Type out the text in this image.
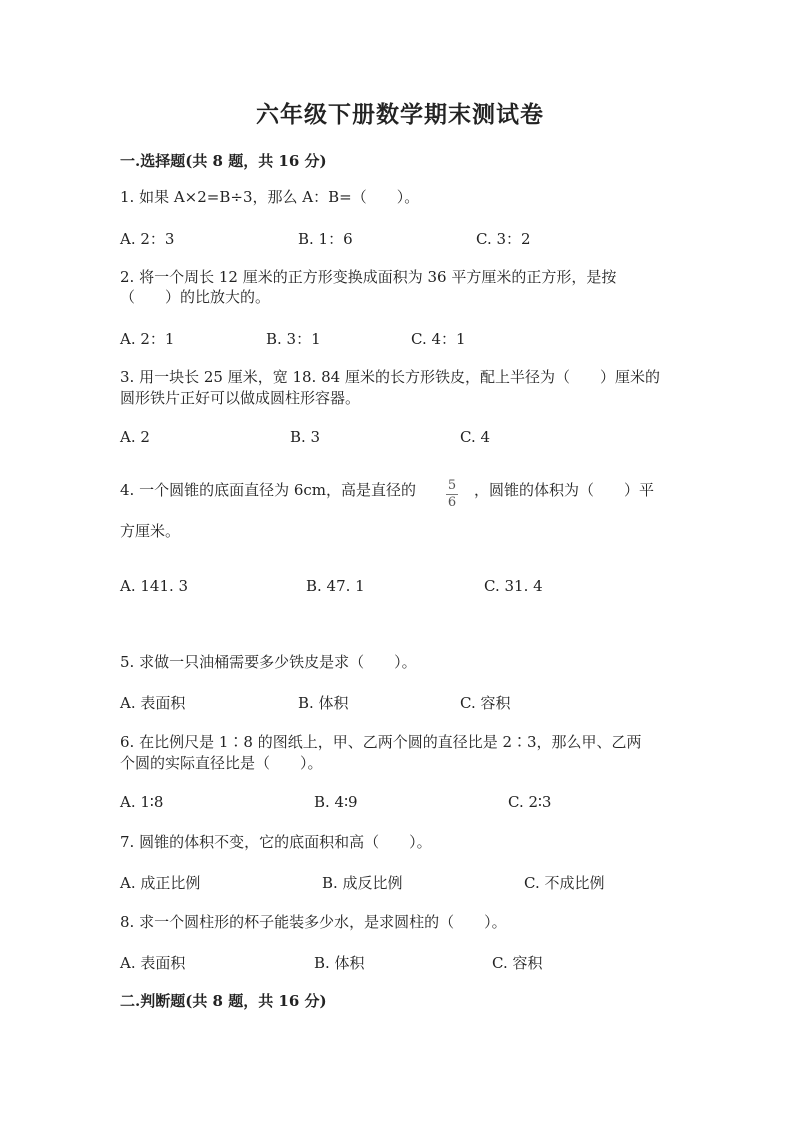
六年级下册数学期末测试卷
一.选择题(共 8 题，共 16 分)
1. 如果 A×2=B÷3，那么 A：B=（　　）。
A. 2：3	B. 1：6	C. 3：2
2. 将一个周长 12 厘米的正方形变换成面积为 36 平方厘米的正方形，是按
（　　）的比放大的。
A. 2：1	B. 3：1	C. 4：1
3. 用一块长 25 厘米，宽 18. 84 厘米的长方形铁皮，配上半径为（　　）厘米的
圆形铁片正好可以做成圆柱形容器。
A. 2	B. 3	C. 4
4. 一个圆锥的底面直径为 6cm，高是直径的 $\frac{5}{6}$ ，圆锥的体积为（　　）平
方厘米。
A. 141. 3	B. 47. 1	C. 31. 4
5. 求做一只油桶需要多少铁皮是求（　　）。
A. 表面积	B. 体积	C. 容积
6. 在比例尺是 1∶8 的图纸上，甲、乙两个圆的直径比是 2∶3，那么甲、乙两
个圆的实际直径比是（　　）。
A. 1∶8	B. 4∶9	C. 2∶3
7. 圆锥的体积不变，它的底面积和高（　　）。
A. 成正比例	B. 成反比例	C. 不成比例
8. 求一个圆柱形的杯子能装多少水，是求圆柱的（　　）。
A. 表面积	B. 体积	C. 容积
二.判断题(共 8 题，共 16 分)
